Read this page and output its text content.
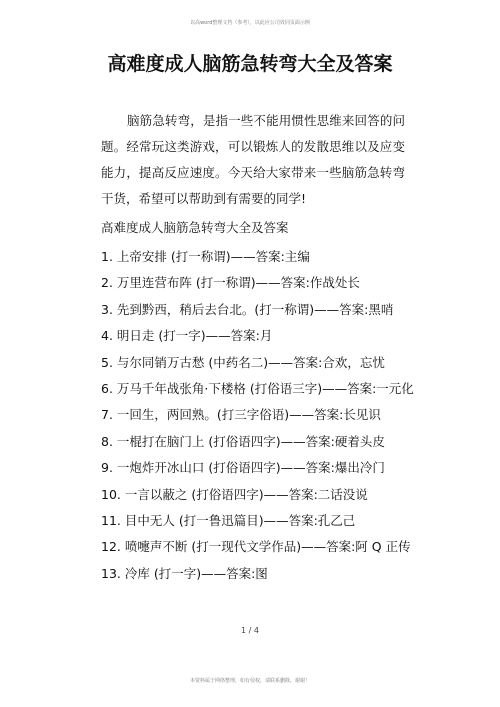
以高word整理文档（参考），以此应公司效同页面示例
高难度成人脑筋急转弯大全及答案

脑筋急转弯，是指一些不能用惯性思维来回答的问题。经常玩这类游戏，可以锻炼人的发散思维以及应变能力，提高反应速度。今天给大家带来一些脑筋急转弯干货，希望可以帮助到有需要的同学!

高难度成人脑筋急转弯大全及答案
1. 上帝安排 (打一称谓)——答案:主编
2. 万里连营布阵 (打一称谓)——答案:作战处长
3. 先到黔西，稍后去台北。(打一称谓)——答案:黑哨
4. 明日走 (打一字)——答案:月
5. 与尔同销万古愁 (中药名二)——答案:合欢，忘忧
6. 万马千年战张角·下楼格 (打俗语三字)——答案:一元化
7. 一回生，两回熟。(打三字俗语)——答案:长见识
8. 一棍打在脑门上 (打俗语四字)——答案:硬着头皮
9. 一炮炸开冰山口 (打俗语四字)——答案:爆出冷门
10. 一言以蔽之 (打俗语四字)——答案:二话没说
11. 目中无人 (打一鲁迅篇目)——答案:孔乙己
12. 喷嚏声不断 (打一现代文学作品)——答案:阿 Q 正传
13. 冷库 (打一字)——答案:图
1 / 4
本资料属于网络整理，如有侵权，请联系删除，谢谢！
